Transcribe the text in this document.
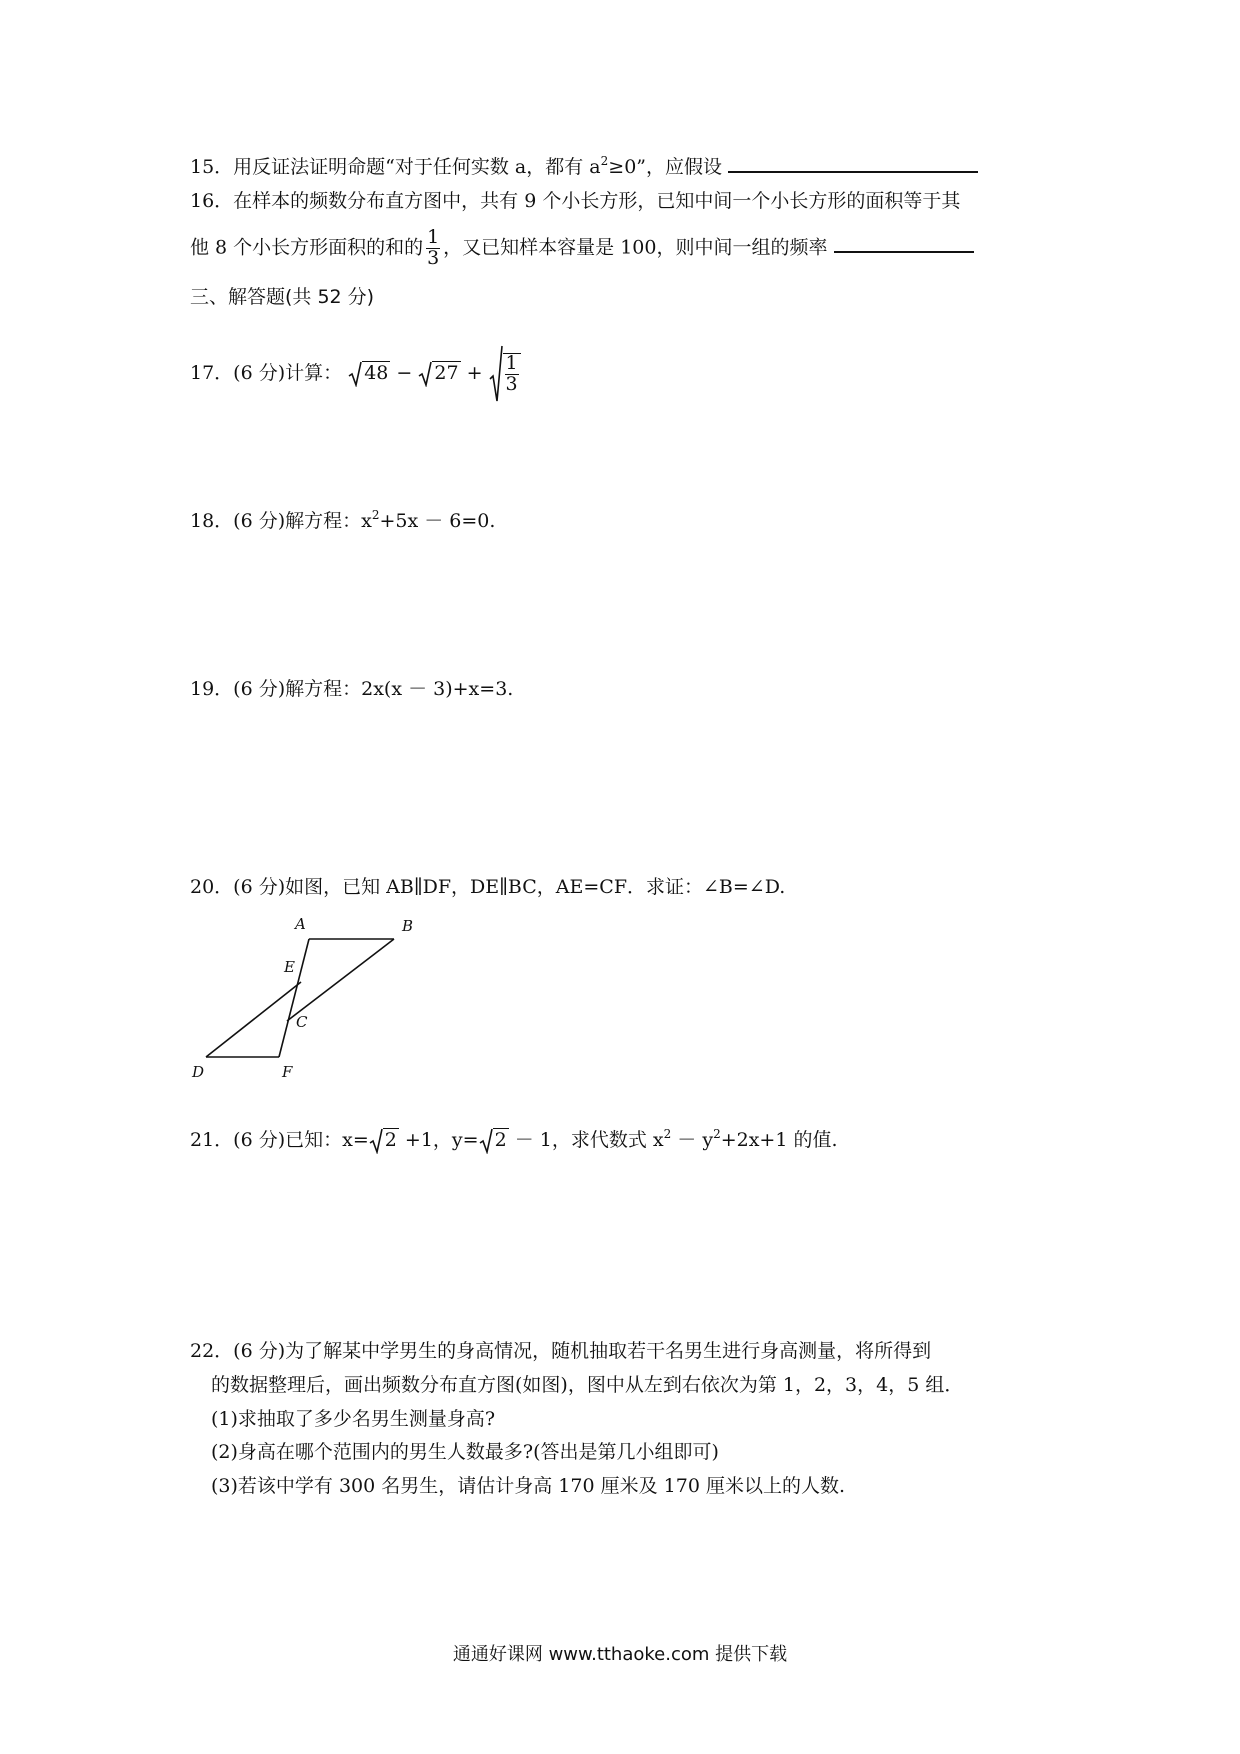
15．用反证法证明命题“对于任何实数 a，都有 $a^2\ge 0$”，应假设
16．在样本的频数分布直方图中，共有 9 个小长方形，已知中间一个小长方形的面积等于其
他 8 个小长方形面积的和的 $\frac{1}{3}$ ，又已知样本容量是 100，则中间一组的频率
三、解答题(共 52 分)
17．(6 分)计算： $48 - 27 + \frac{1}{3}$
18．(6 分)解方程：$x^2+5x - 6=0$.
19．(6 分)解方程：2x(x － 3)+x=3.
20．(6 分)如图，已知 AB∥DF，DE∥BC，AE=CF．求证：∠B=∠D.
A	B
E
C
D	F
21．(6 分)已知：x= 2 +1，y= 2 － 1，求代数式 $x^2 - y^2+2x+1$ 的值.
22．(6 分)为了解某中学男生的身高情况，随机抽取若干名男生进行身高测量，将所得到
的数据整理后，画出频数分布直方图(如图)，图中从左到右依次为第 1，2，3，4，5 组．
(1)求抽取了多少名男生测量身高?
(2)身高在哪个范围内的男生人数最多?(答出是第几小组即可)
(3)若该中学有 300 名男生，请估计身高 170 厘米及 170 厘米以上的人数.
通通好课网 www.tthaoke.com 提供下载
